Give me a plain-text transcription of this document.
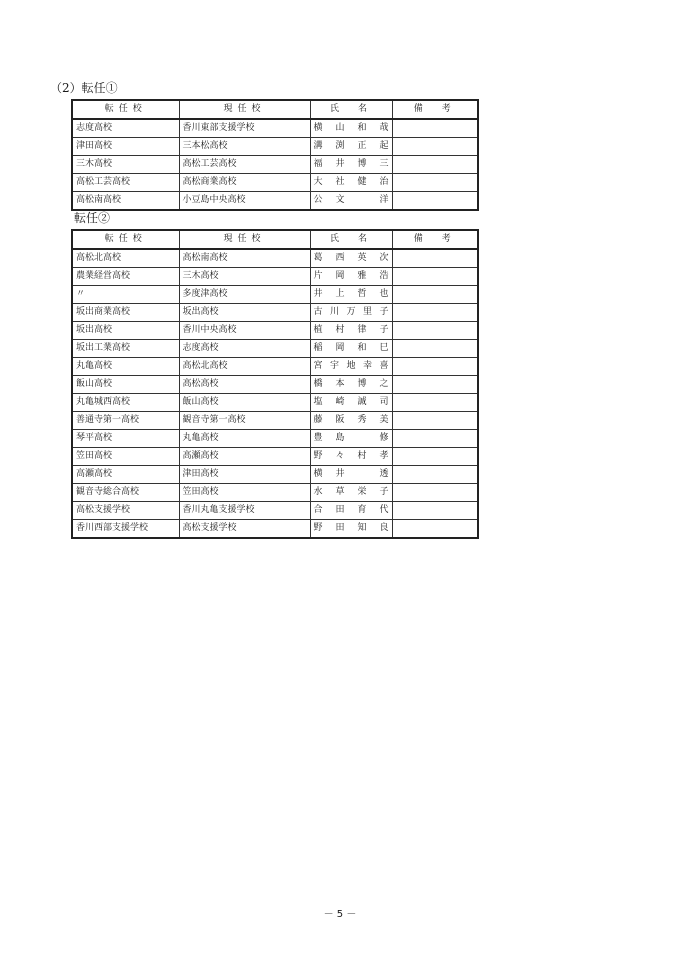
（2）転任①
転任校	現任校	氏　名	備　考
志度高校	香川東部支援学校	横山和哉	
津田高校	三本松高校	溝渕正起	
三木高校	高松工芸高校	福井博三	
高松工芸高校	高松商業高校	大社健治	
高松南高校	小豆島中央高校	公文　洋	
転任②
転任校	現任校	氏　名	備　考
高松北高校	高松南高校	葛西英次	
農業経営高校	三木高校	片岡雅浩	
〃	多度津高校	井上哲也	
坂出商業高校	坂出高校	古川万里子	
坂出高校	香川中央高校	植村律子	
坂出工業高校	志度高校	稲岡和巳	
丸亀高校	高松北高校	宮宇地幸喜	
飯山高校	高松高校	橋本博之	
丸亀城西高校	飯山高校	塩崎誠司	
善通寺第一高校	観音寺第一高校	藤阪秀美	
琴平高校	丸亀高校	豊島　修	
笠田高校	高瀬高校	野々村孝	
高瀬高校	津田高校	横井　透	
観音寺総合高校	笠田高校	水草栄子	
高松支援学校	香川丸亀支援学校	合田育代	
香川西部支援学校	高松支援学校	野田知良	
－ 5 －
